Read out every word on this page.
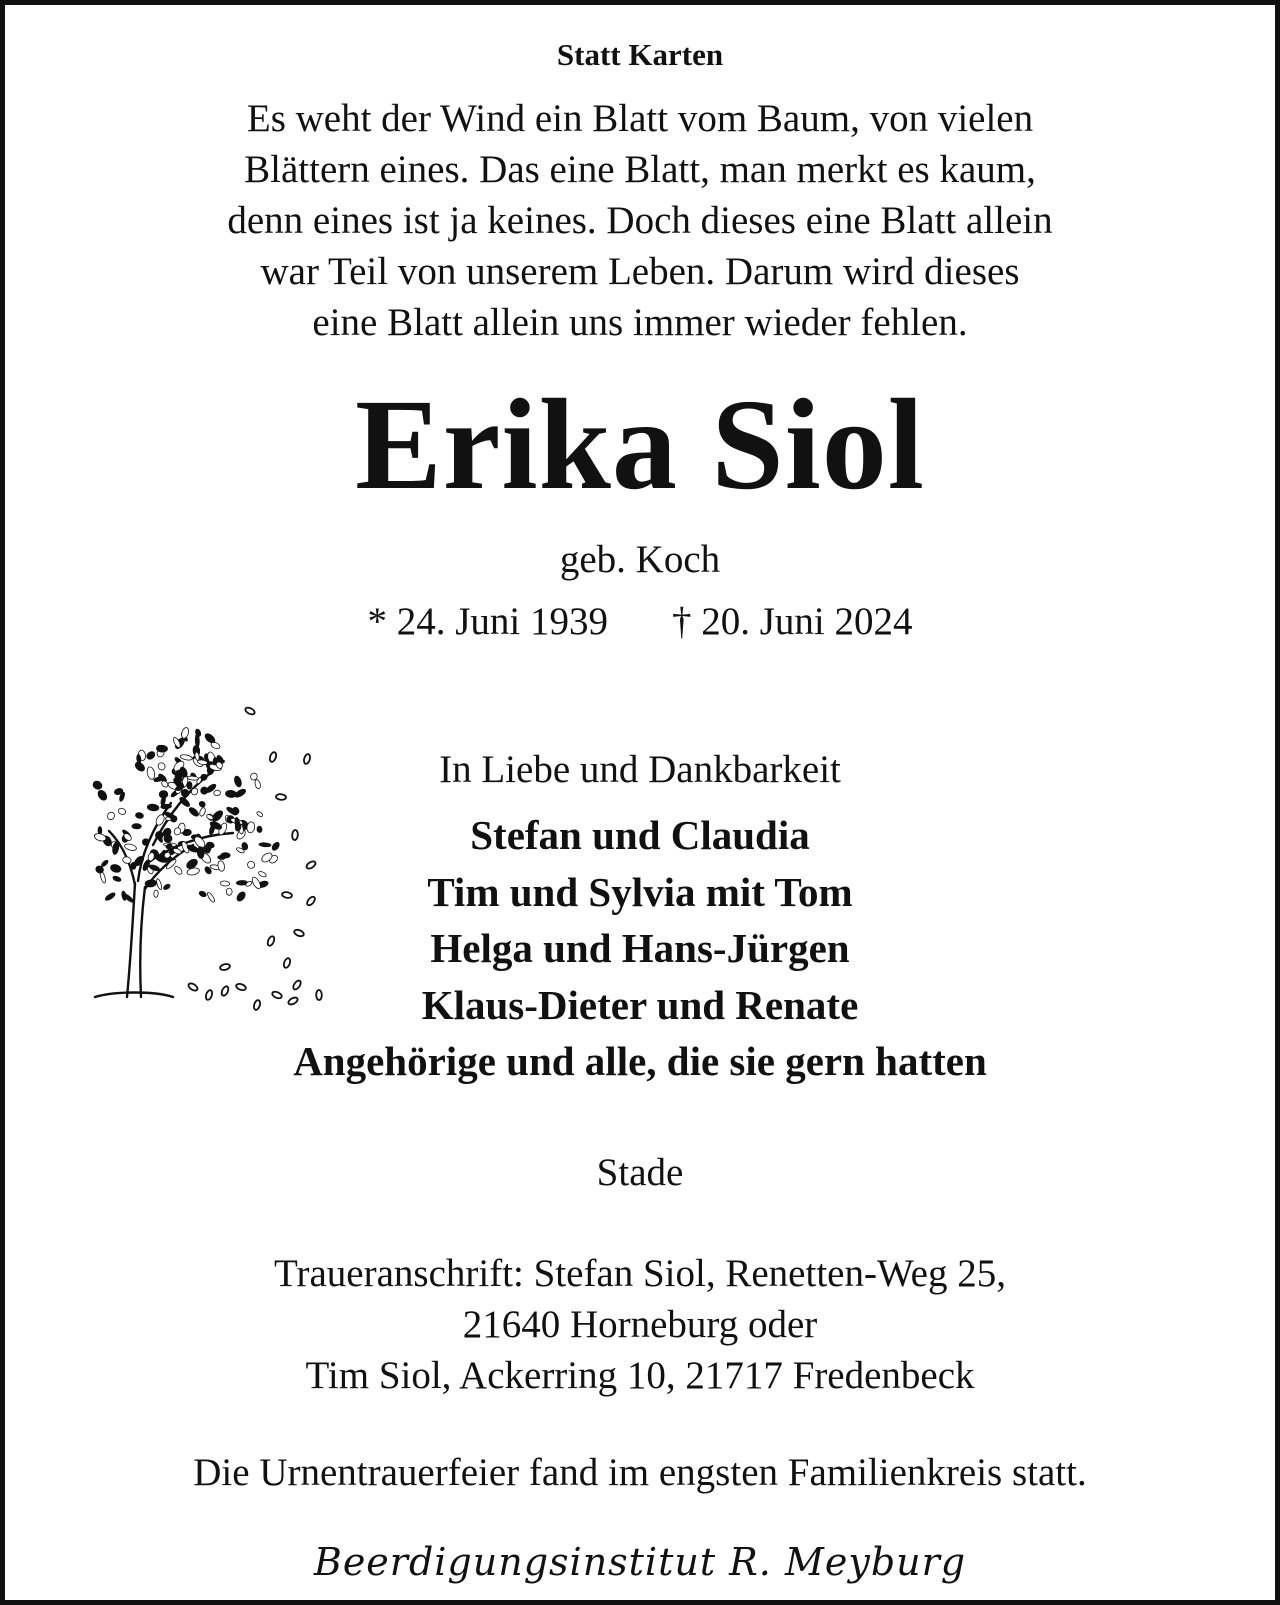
Statt Karten

Es weht der Wind ein Blatt vom Baum, von vielen
Blättern eines. Das eine Blatt, man merkt es kaum,
denn eines ist ja keines. Doch dieses eine Blatt allein
war Teil von unserem Leben. Darum wird dieses
eine Blatt allein uns immer wieder fehlen.

Erika Siol

geb. Koch

* 24. Juni 1939 † 20. Juni 2024

In Liebe und Dankbarkeit

Stefan und Claudia
Tim und Sylvia mit Tom
Helga und Hans-Jürgen
Klaus-Dieter und Renate
Angehörige und alle, die sie gern hatten

Stade

Traueranschrift: Stefan Siol, Renetten-Weg 25,
21640 Horneburg oder
Tim Siol, Ackerring 10, 21717 Fredenbeck

Die Urnentrauerfeier fand im engsten Familienkreis statt.

Beerdigungsinstitut R. Meyburg
